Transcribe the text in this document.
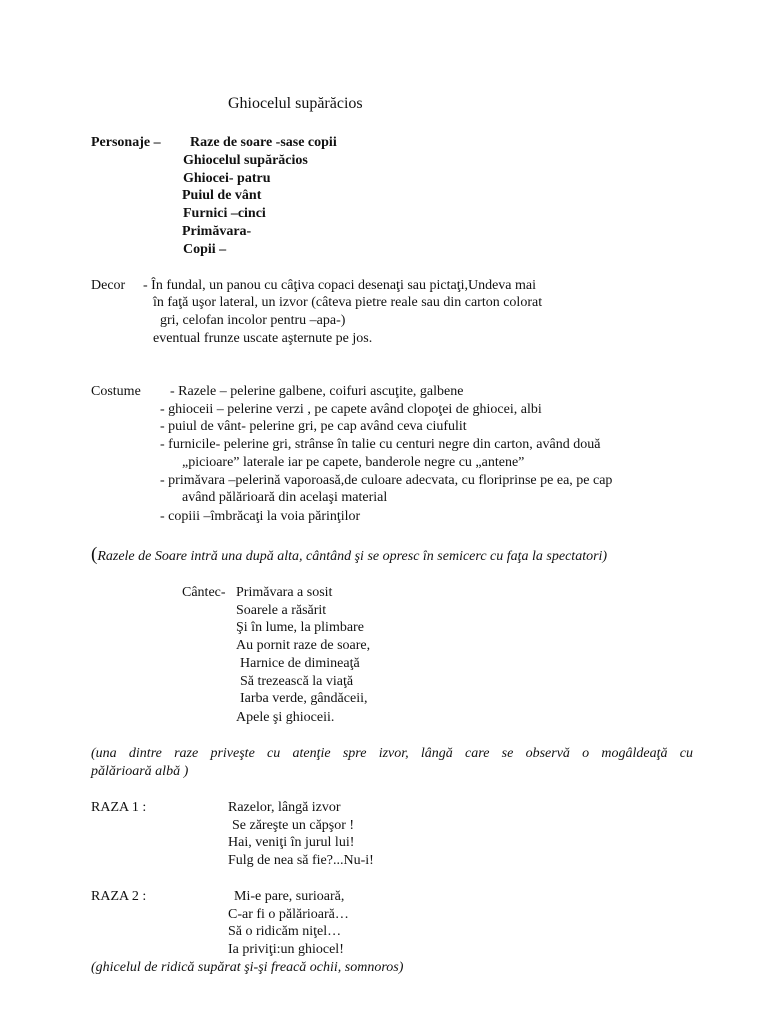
Ghiocelul supărăcios
Personaje – Raze de soare -sase copii
Ghiocelul supărăcios
Ghiocei- patru
Puiul de vânt
Furnici –cinci
Primăvara-
Copii –
Decor - În fundal, un panou cu câţiva copaci desenaţi sau pictaţi,Undeva mai
în faţă uşor lateral, un izvor (câteva pietre reale sau din carton colorat
gri, celofan incolor pentru –apa-)
eventual frunze uscate aşternute pe jos.
Costume - Razele – pelerine galbene, coifuri ascuţite, galbene
- ghioceii – pelerine verzi , pe capete având clopoţei de ghiocei, albi
- puiul de vânt- pelerine gri, pe cap având ceva ciufulit
- furnicile- pelerine gri, strânse în talie cu centuri negre din carton, având două
„picioare” laterale iar pe capete, banderole negre cu „antene”
- primăvara –pelerină vaporoasă,de culoare adecvata, cu floriprinse pe ea, pe cap
având pălărioară din acelaşi material
- copiii –îmbrăcaţi la voia părinţilor
(Razele de Soare intră una după alta, cântând şi se opresc în semicerc cu faţa la spectatori)
Cântec- Primăvara a sosit
Soarele a răsărit
Şi în lume, la plimbare
Au pornit raze de soare,
Harnice de dimineaţă
Să trezească la viaţă
Iarba verde, gândăceii,
Apele şi ghiocеii.
(una dintre raze priveşte cu atenţie spre izvor, lângă care se observă o mogâldeaţă cu
pălărioară albă )
RAZA 1 :	Razelor, lângă izvor
Se zăreşte un căpşor !
Hai, veniţi în jurul lui!
Fulg de nea să fie?...Nu-i!
RAZA 2 :	Mi-e pare, surioară,
C-ar fi o pălărioară…
Să o ridicăm niţel…
Ia priviţi:un ghiocel!
(ghicelul de ridică supărat şi-şi freacă ochii, somnoros)
